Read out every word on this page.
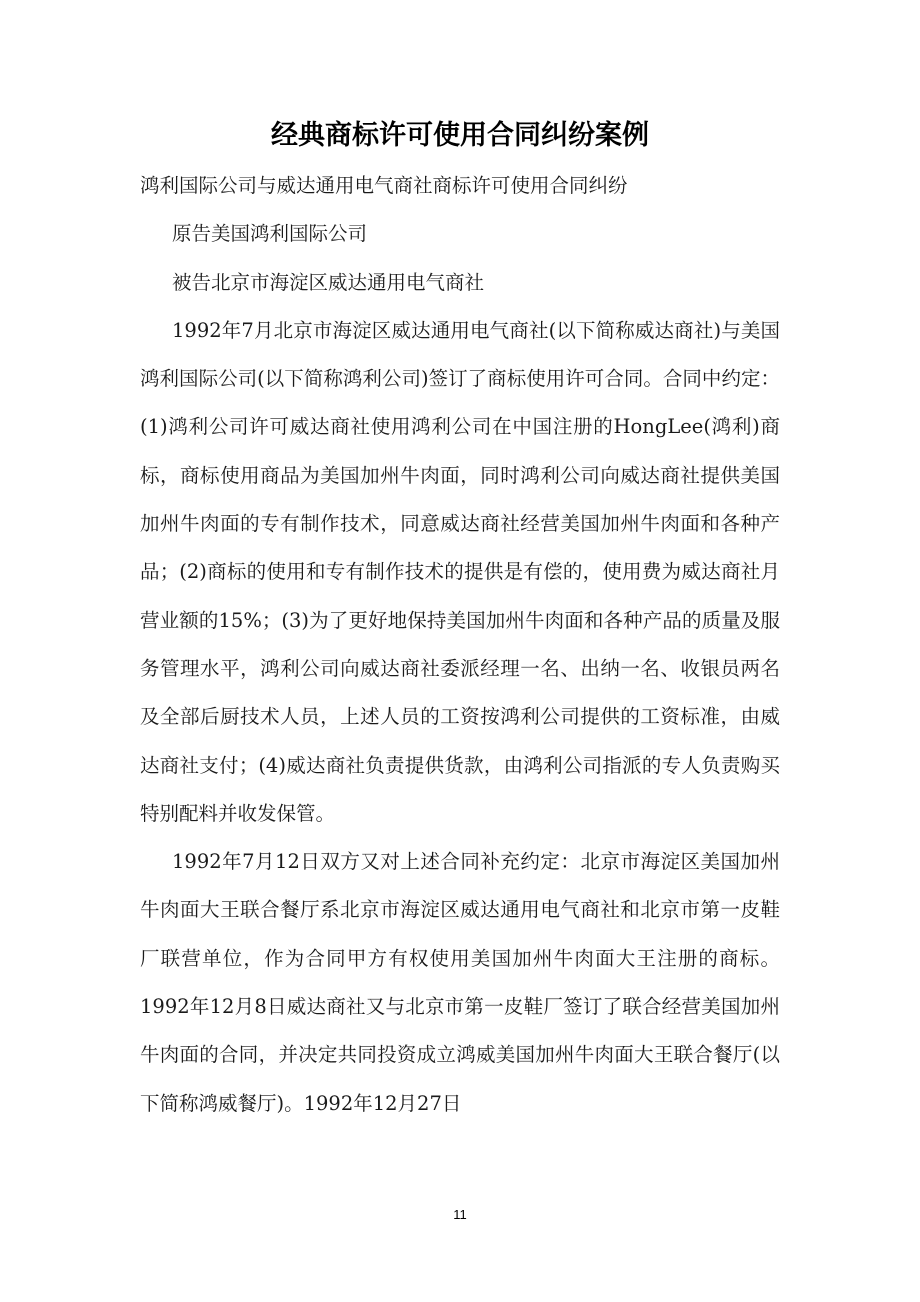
经典商标许可使用合同纠纷案例

鸿利国际公司与威达通用电气商社商标许可使用合同纠纷

原告美国鸿利国际公司

被告北京市海淀区威达通用电气商社

1992年7月北京市海淀区威达通用电气商社(以下简称威达商社)与美国鸿利国际公司(以下简称鸿利公司)签订了商标使用许可合同。合同中约定：(1)鸿利公司许可威达商社使用鸿利公司在中国注册的HongLee(鸿利)商标，商标使用商品为美国加州牛肉面，同时鸿利公司向威达商社提供美国加州牛肉面的专有制作技术，同意威达商社经营美国加州牛肉面和各种产品；(2)商标的使用和专有制作技术的提供是有偿的，使用费为威达商社月营业额的15%；(3)为了更好地保持美国加州牛肉面和各种产品的质量及服务管理水平，鸿利公司向威达商社委派经理一名、出纳一名、收银员两名及全部后厨技术人员，上述人员的工资按鸿利公司提供的工资标准，由威达商社支付；(4)威达商社负责提供货款，由鸿利公司指派的专人负责购买特别配料并收发保管。

1992年7月12日双方又对上述合同补充约定：北京市海淀区美国加州牛肉面大王联合餐厅系北京市海淀区威达通用电气商社和北京市第一皮鞋厂联营单位，作为合同甲方有权使用美国加州牛肉面大王注册的商标。1992年12月8日威达商社又与北京市第一皮鞋厂签订了联合经营美国加州牛肉面的合同，并决定共同投资成立鸿威美国加州牛肉面大王联合餐厅(以下简称鸿威餐厅)。1992年12月27日

11
